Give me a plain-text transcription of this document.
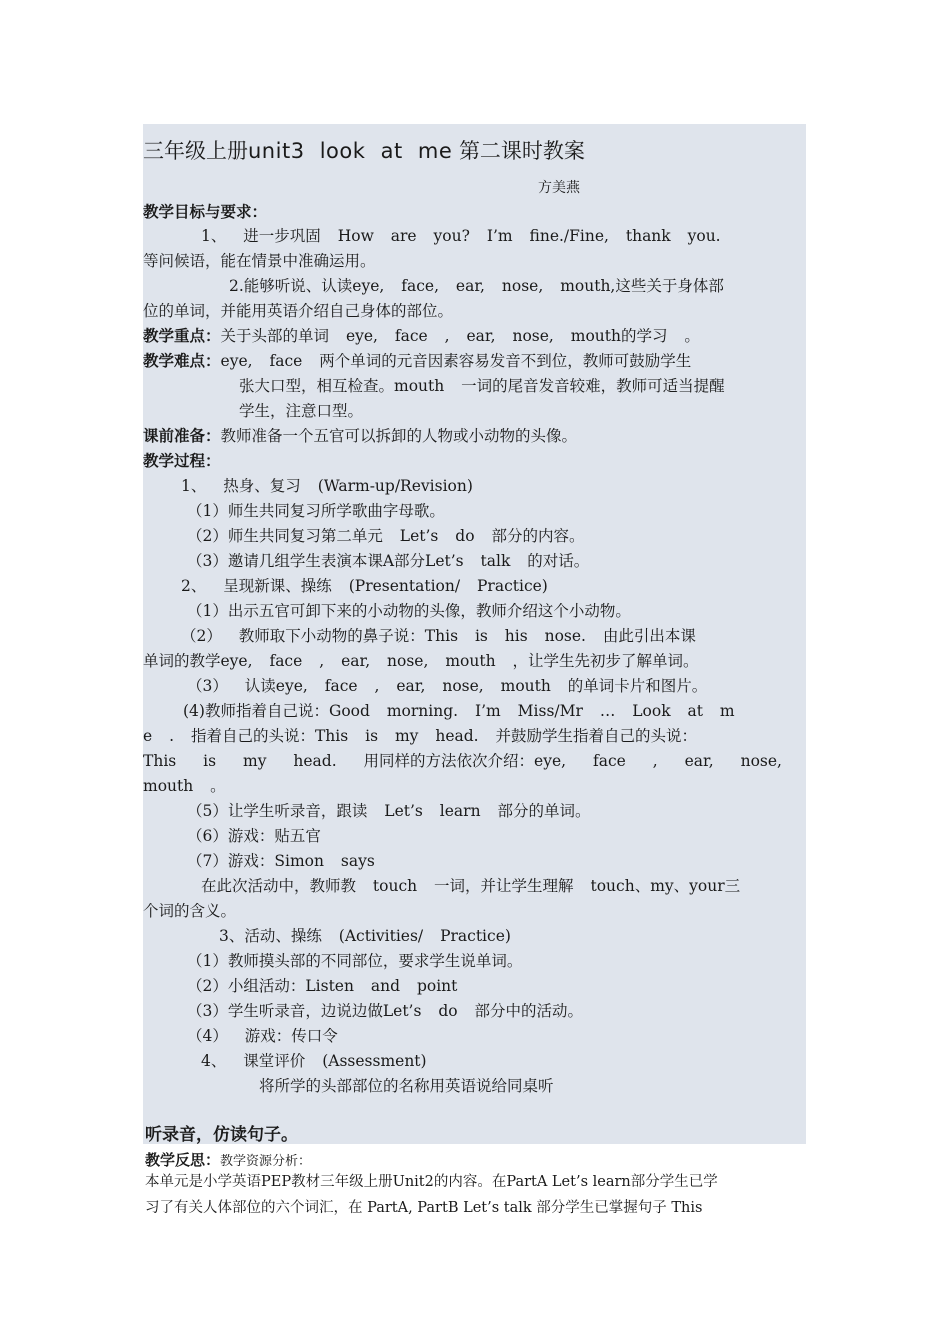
三年级上册unit3 look at me 第二课时教案
方美燕
教学目标与要求：
1、 进一步巩固 How are you? I’m fine./Fine, thank you.
等问候语，能在情景中准确运用。
2.能够听说、认读eye, face, ear, nose, mouth,这些关于身体部
位的单词，并能用英语介绍自己身体的部位。
教学重点：关于头部的单词 eye, face , ear, nose, mouth的学习 。
教学难点：eye, face 两个单词的元音因素容易发音不到位，教师可鼓励学生
张大口型，相互检查。mouth 一词的尾音发音较难，教师可适当提醒
学生，注意口型。
课前准备：教师准备一个五官可以拆卸的人物或小动物的头像。
教学过程：
1、 热身、复习 (Warm-up/Revision)
（1）师生共同复习所学歌曲字母歌。
（2）师生共同复习第二单元 Let’s do 部分的内容。
（3）邀请几组学生表演本课A部分Let’s talk 的对话。
2、 呈现新课、操练 (Presentation/ Practice)
（1）出示五官可卸下来的小动物的头像，教师介绍这个小动物。
（2） 教师取下小动物的鼻子说：This is his nose. 由此引出本课
单词的教学eye, face , ear, nose, mouth ，让学生先初步了解单词。
（3） 认读eye, face , ear, nose, mouth 的单词卡片和图片。
(4)教师指着自己说：Good morning. I’m Miss/Mr … Look at m
e . 指着自己的头说：This is my head. 并鼓励学生指着自己的头说：
This is my head. 用同样的方法依次介绍：eye, face , ear, nose,
mouth 。
（5）让学生听录音，跟读 Let’s learn 部分的单词。
（6）游戏：贴五官
（7）游戏：Simon says
在此次活动中，教师教 touch 一词，并让学生理解 touch、my、your三
个词的含义。
3、活动、操练 (Activities/ Practice)
（1）教师摸头部的不同部位，要求学生说单词。
（2）小组活动：Listen and point
（3）学生听录音，边说边做Let’s do 部分中的活动。
（4） 游戏：传口令
4、 课堂评价 (Assessment)
将所学的头部部位的名称用英语说给同桌听
听录音，仿读句子。
教学反思：教学资源分析：
本单元是小学英语PEP教材三年级上册Unit2的内容。在PartA Let’s learn部分学生已学
习了有关人体部位的六个词汇，在 PartA, PartB Let’s talk 部分学生已掌握句子 This
